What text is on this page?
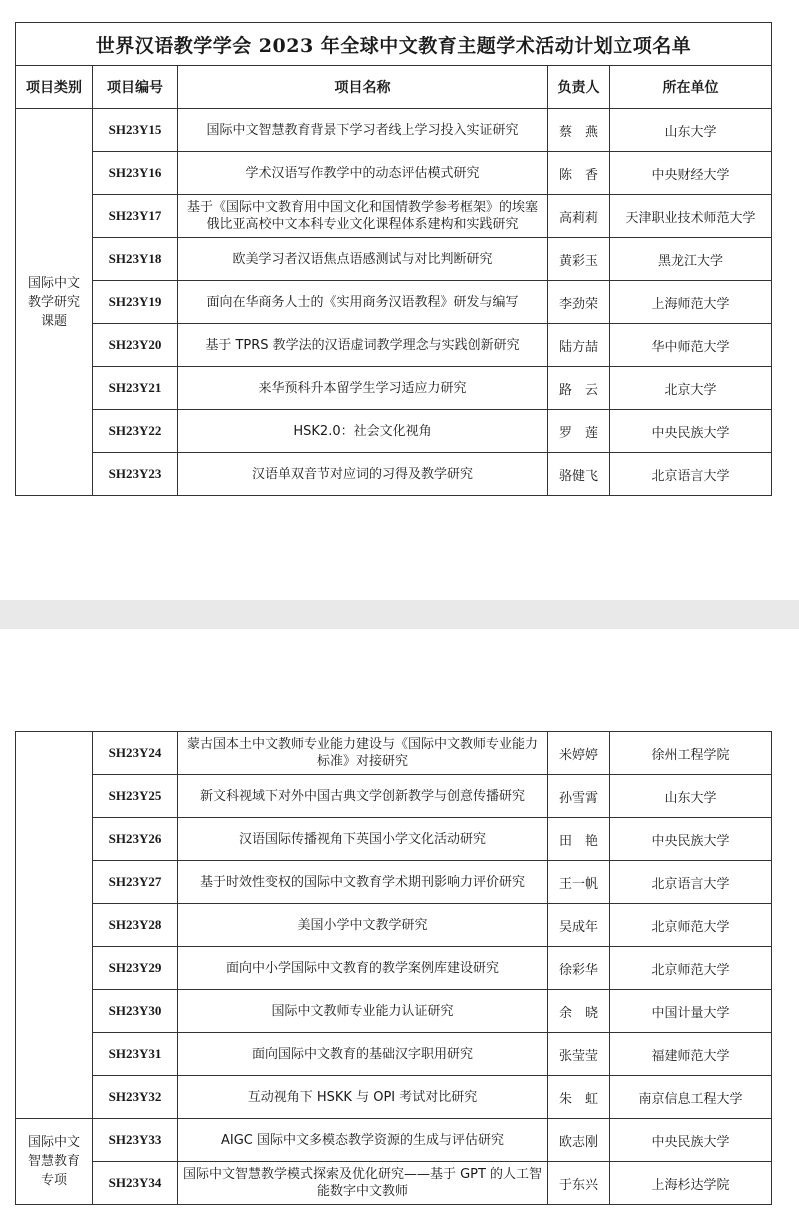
世界汉语教学学会 2023 年全球中文教育主题学术活动计划立项名单				
项目类别	项目编号	项目名称	负责人	所在单位

国际中文
教学研究
课题	SH23Y15	国际中文智慧教育背景下学习者线上学习投入实证研究	蔡　燕	山东大学
	SH23Y16	学术汉语写作教学中的动态评估模式研究	陈　香	中央财经大学
	SH23Y17	基于《国际中文教育用中国文化和国情教学参考框架》的埃塞俄比亚高校中文本科专业文化课程体系建构和实践研究	高莉莉	天津职业技术师范大学
	SH23Y18	欧美学习者汉语焦点语感测试与对比判断研究	黄彩玉	黑龙江大学
	SH23Y19	面向在华商务人士的《实用商务汉语教程》研发与编写	李劲荣	上海师范大学
	SH23Y20	基于 TPRS 教学法的汉语虚词教学理念与实践创新研究	陆方喆	华中师范大学
	SH23Y21	来华预科升本留学生学习适应力研究	路　云	北京大学
	SH23Y22	HSK2.0：社会文化视角	罗　莲	中央民族大学
	SH23Y23	汉语单双音节对应词的习得及教学研究	骆健飞	北京语言大学
	SH23Y24	蒙古国本土中文教师专业能力建设与《国际中文教师专业能力标准》对接研究	米婷婷	徐州工程学院
	SH23Y25	新文科视域下对外中国古典文学创新教学与创意传播研究	孙雪霄	山东大学
	SH23Y26	汉语国际传播视角下英国小学文化活动研究	田　艳	中央民族大学
	SH23Y27	基于时效性变权的国际中文教育学术期刊影响力评价研究	王一帆	北京语言大学
	SH23Y28	美国小学中文教学研究	吴成年	北京师范大学
	SH23Y29	面向中小学国际中文教育的教学案例库建设研究	徐彩华	北京师范大学
	SH23Y30	国际中文教师专业能力认证研究	余　晓	中国计量大学
	SH23Y31	面向国际中文教育的基础汉字职用研究	张莹莹	福建师范大学
	SH23Y32	互动视角下 HSKK 与 OPI 考试对比研究	朱　虹	南京信息工程大学

国际中文
智慧教育
专项	SH23Y33	AIGC 国际中文多模态教学资源的生成与评估研究	欧志刚	中央民族大学
	SH23Y34	国际中文智慧教学模式探索及优化研究——基于 GPT 的人工智能数字中文教师	于东兴	上海杉达学院
